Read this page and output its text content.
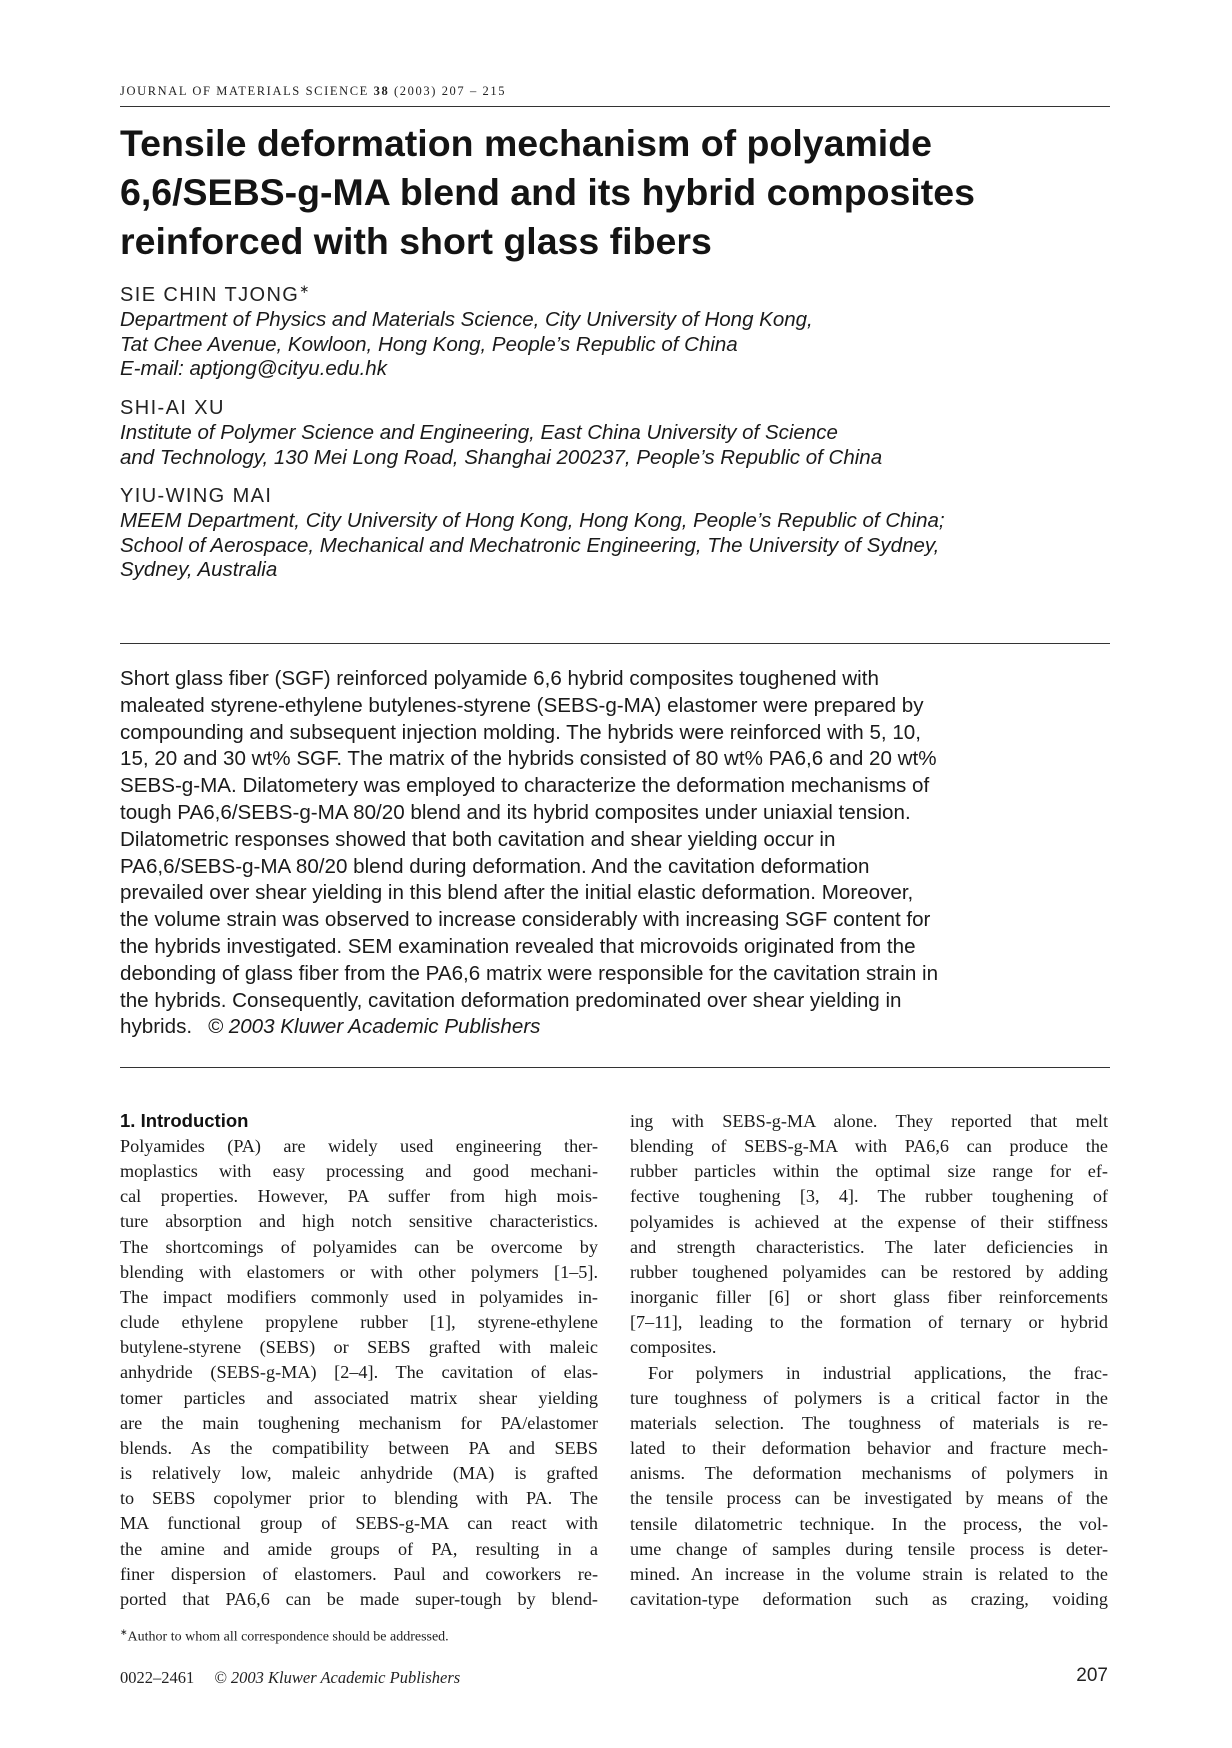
JOURNAL OF MATERIALS SCIENCE 38 (2003) 207 – 215
Tensile deformation mechanism of polyamide
6,6/SEBS-g-MA blend and its hybrid composites
reinforced with short glass fibers
SIE CHIN TJONG∗
Department of Physics and Materials Science, City University of Hong Kong,
Tat Chee Avenue, Kowloon, Hong Kong, People’s Republic of China
E-mail: aptjong@cityu.edu.hk
SHI-AI XU
Institute of Polymer Science and Engineering, East China University of Science
and Technology, 130 Mei Long Road, Shanghai 200237, People’s Republic of China
YIU-WING MAI
MEEM Department, City University of Hong Kong, Hong Kong, People’s Republic of China;
School of Aerospace, Mechanical and Mechatronic Engineering, The University of Sydney,
Sydney, Australia
Short glass fiber (SGF) reinforced polyamide 6,6 hybrid composites toughened with
maleated styrene-ethylene butylenes-styrene (SEBS-g-MA) elastomer were prepared by
compounding and subsequent injection molding. The hybrids were reinforced with 5, 10,
15, 20 and 30 wt% SGF. The matrix of the hybrids consisted of 80 wt% PA6,6 and 20 wt%
SEBS-g-MA. Dilatometery was employed to characterize the deformation mechanisms of
tough PA6,6/SEBS-g-MA 80/20 blend and its hybrid composites under uniaxial tension.
Dilatometric responses showed that both cavitation and shear yielding occur in
PA6,6/SEBS-g-MA 80/20 blend during deformation. And the cavitation deformation
prevailed over shear yielding in this blend after the initial elastic deformation. Moreover,
the volume strain was observed to increase considerably with increasing SGF content for
the hybrids investigated. SEM examination revealed that microvoids originated from the
debonding of glass fiber from the PA6,6 matrix were responsible for the cavitation strain in
the hybrids. Consequently, cavitation deformation predominated over shear yielding in
hybrids. © 2003 Kluwer Academic Publishers
1. Introduction
Polyamides (PA) are widely used engineering ther-
moplastics with easy processing and good mechani-
cal properties. However, PA suffer from high mois-
ture absorption and high notch sensitive characteristics.
The shortcomings of polyamides can be overcome by
blending with elastomers or with other polymers [1–5].
The impact modifiers commonly used in polyamides in-
clude ethylene propylene rubber [1], styrene-ethylene
butylene-styrene (SEBS) or SEBS grafted with maleic
anhydride (SEBS-g-MA) [2–4]. The cavitation of elas-
tomer particles and associated matrix shear yielding
are the main toughening mechanism for PA/elastomer
blends. As the compatibility between PA and SEBS
is relatively low, maleic anhydride (MA) is grafted
to SEBS copolymer prior to blending with PA. The
MA functional group of SEBS-g-MA can react with
the amine and amide groups of PA, resulting in a
finer dispersion of elastomers. Paul and coworkers re-
ported that PA6,6 can be made super-tough by blend-
ing with SEBS-g-MA alone. They reported that melt
blending of SEBS-g-MA with PA6,6 can produce the
rubber particles within the optimal size range for ef-
fective toughening [3, 4]. The rubber toughening of
polyamides is achieved at the expense of their stiffness
and strength characteristics. The later deficiencies in
rubber toughened polyamides can be restored by adding
inorganic filler [6] or short glass fiber reinforcements
[7–11], leading to the formation of ternary or hybrid
composites.
For polymers in industrial applications, the frac-
ture toughness of polymers is a critical factor in the
materials selection. The toughness of materials is re-
lated to their deformation behavior and fracture mech-
anisms. The deformation mechanisms of polymers in
the tensile process can be investigated by means of the
tensile dilatometric technique. In the process, the vol-
ume change of samples during tensile process is deter-
mined. An increase in the volume strain is related to the
cavitation-type deformation such as crazing, voiding
∗Author to whom all correspondence should be addressed.
0022–2461 © 2003 Kluwer Academic Publishers	207
